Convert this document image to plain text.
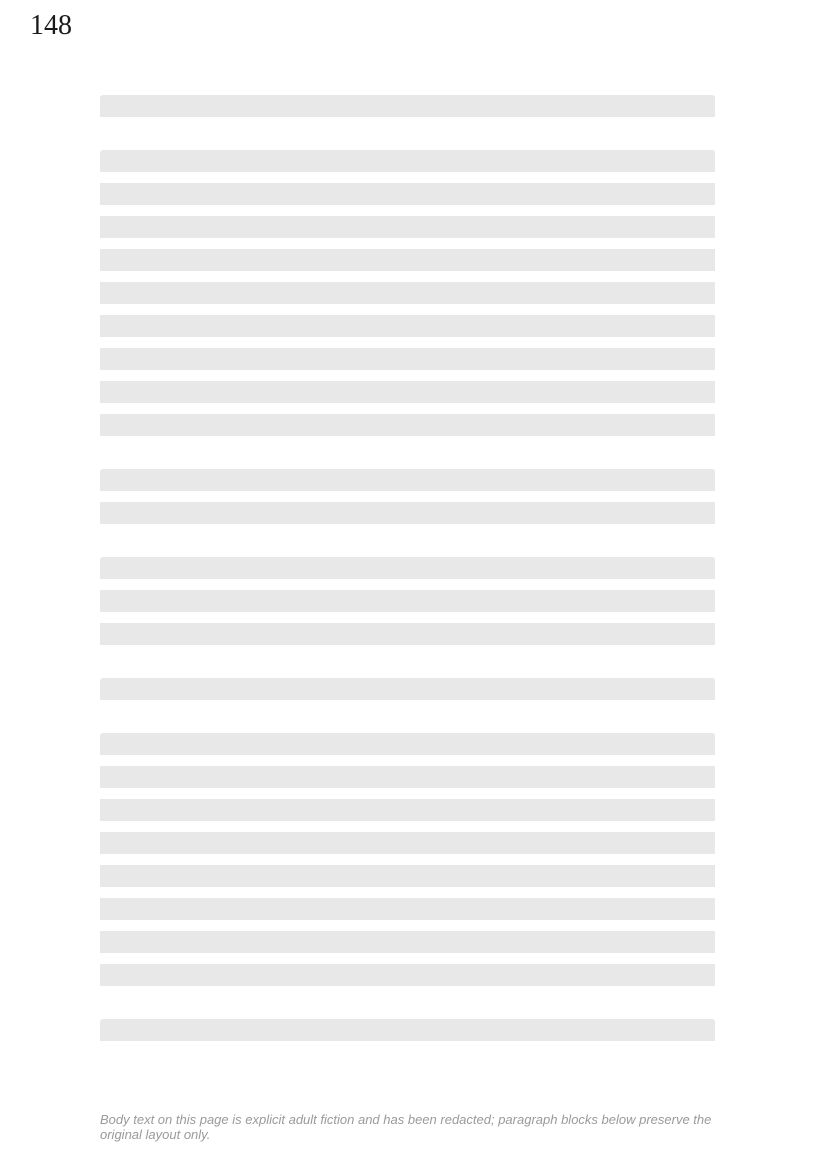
148
Body text on this page is explicit adult fiction and has been redacted; paragraph blocks below preserve the original layout only.
